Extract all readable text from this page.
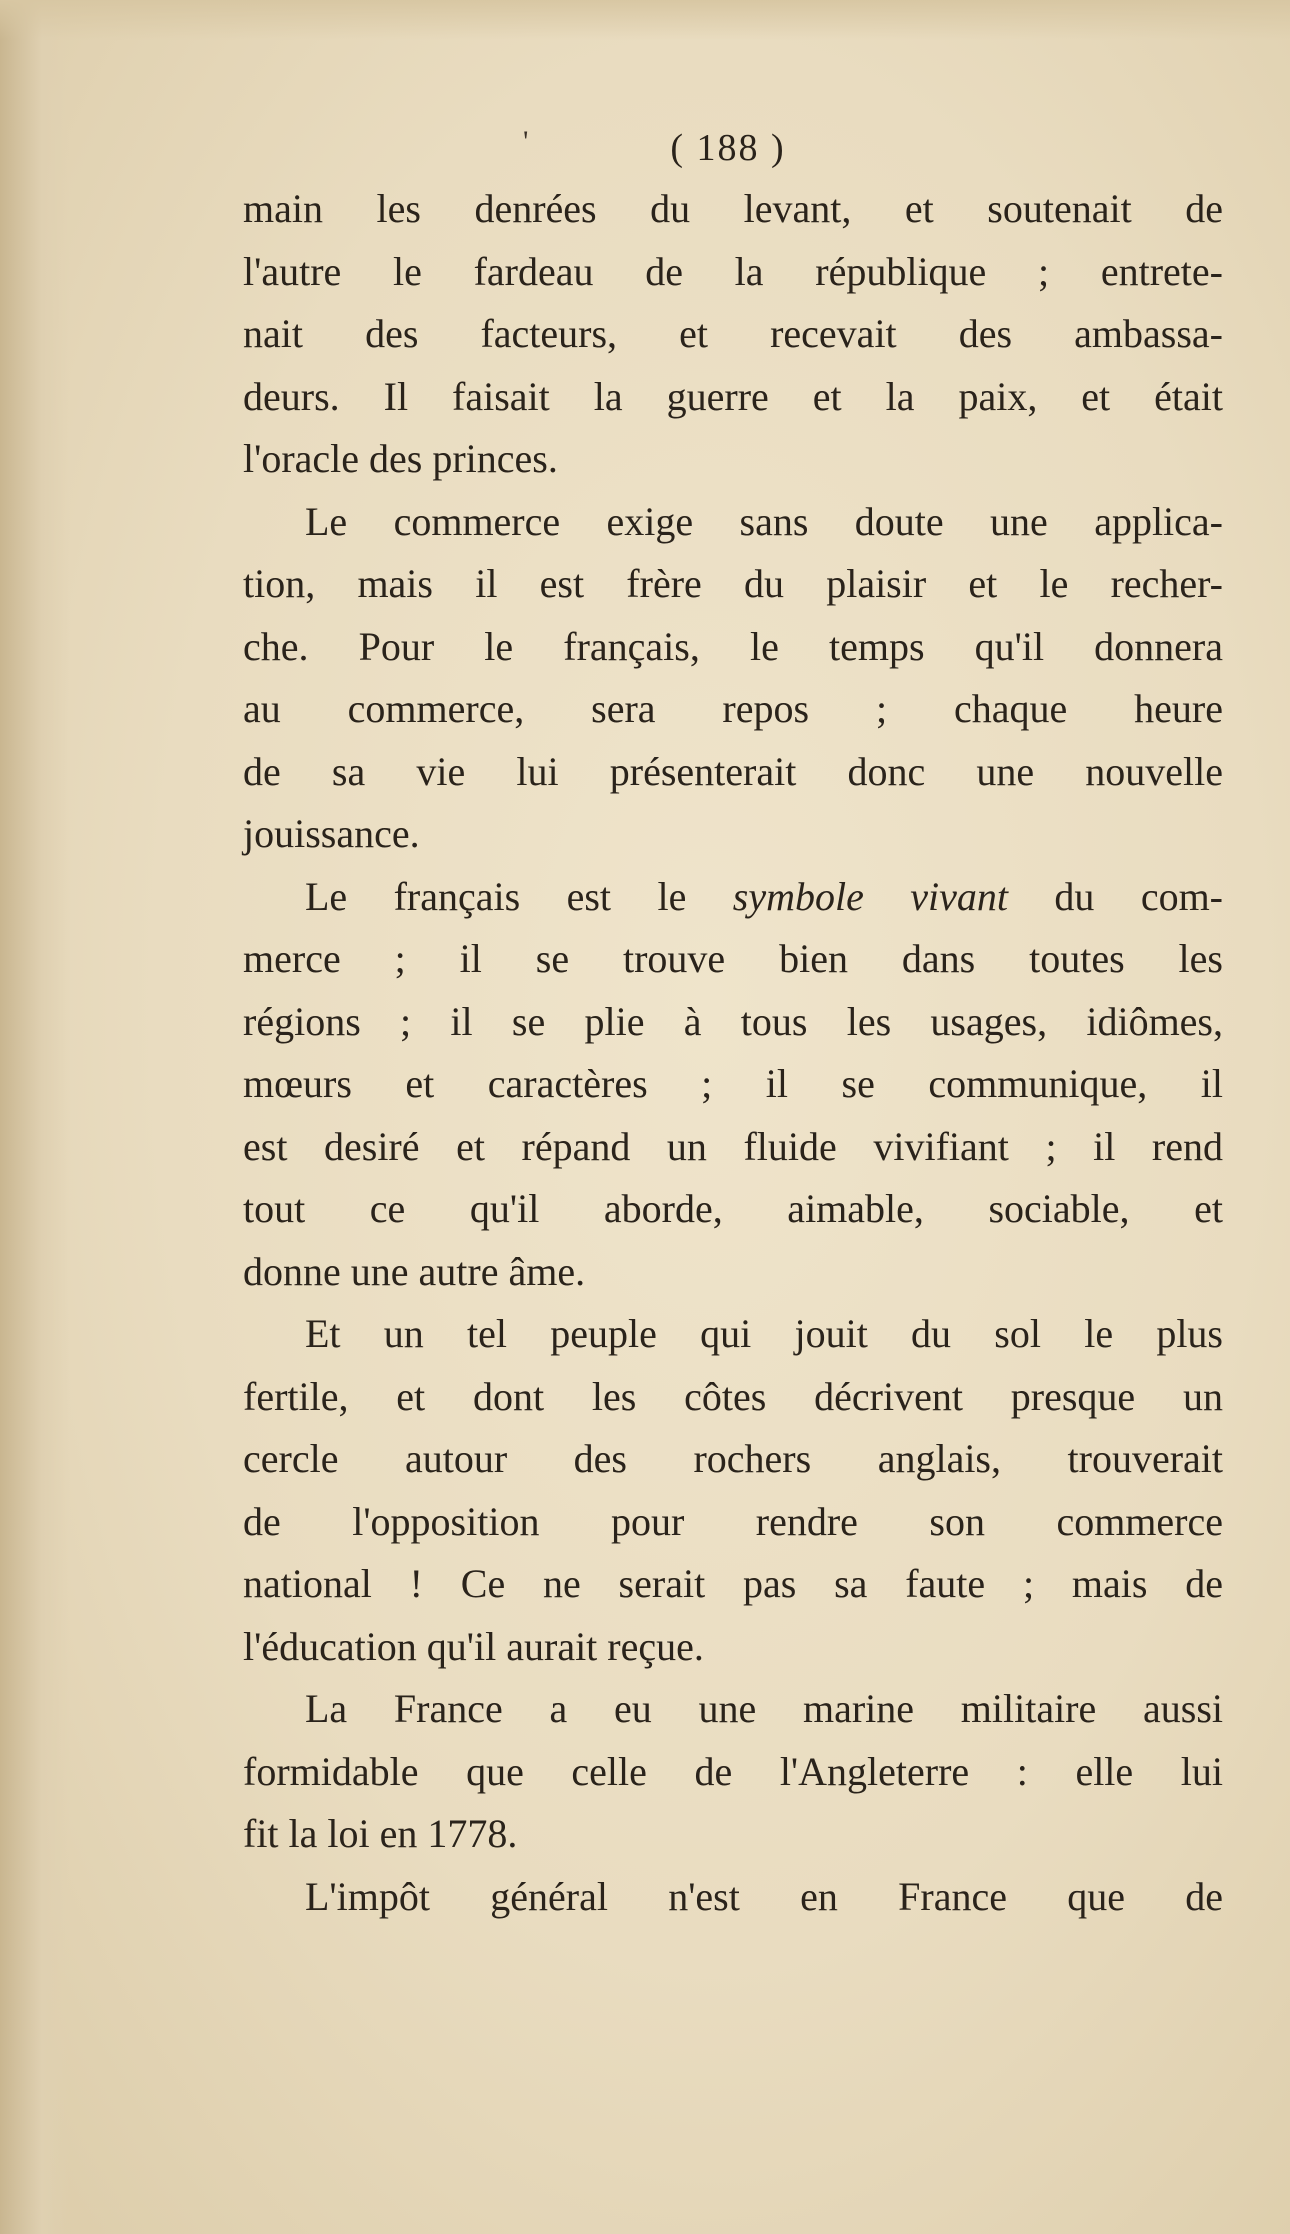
'	( 188 )
main les denrées du levant, et soutenait de
l'autre le fardeau de la république ; entrete-
nait des facteurs, et recevait des ambassa-
deurs. Il faisait la guerre et la paix, et était
l'oracle des princes.
Le commerce exige sans doute une applica-
tion, mais il est frère du plaisir et le recher-
che. Pour le français, le temps qu'il donnera
au commerce, sera repos ; chaque heure
de sa vie lui présenterait donc une nouvelle
jouissance.
Le français est le symbole vivant du com-
merce ; il se trouve bien dans toutes les
régions ; il se plie à tous les usages, idiômes,
mœurs et caractères ; il se communique, il
est desiré et répand un fluide vivifiant ; il rend
tout ce qu'il aborde, aimable, sociable, et
donne une autre âme.
Et un tel peuple qui jouit du sol le plus
fertile, et dont les côtes décrivent presque un
cercle autour des rochers anglais, trouverait
de l'opposition pour rendre son commerce
national ! Ce ne serait pas sa faute ; mais de
l'éducation qu'il aurait reçue.
La France a eu une marine militaire aussi
formidable que celle de l'Angleterre : elle lui
fit la loi en 1778.
L'impôt général n'est en France que de
